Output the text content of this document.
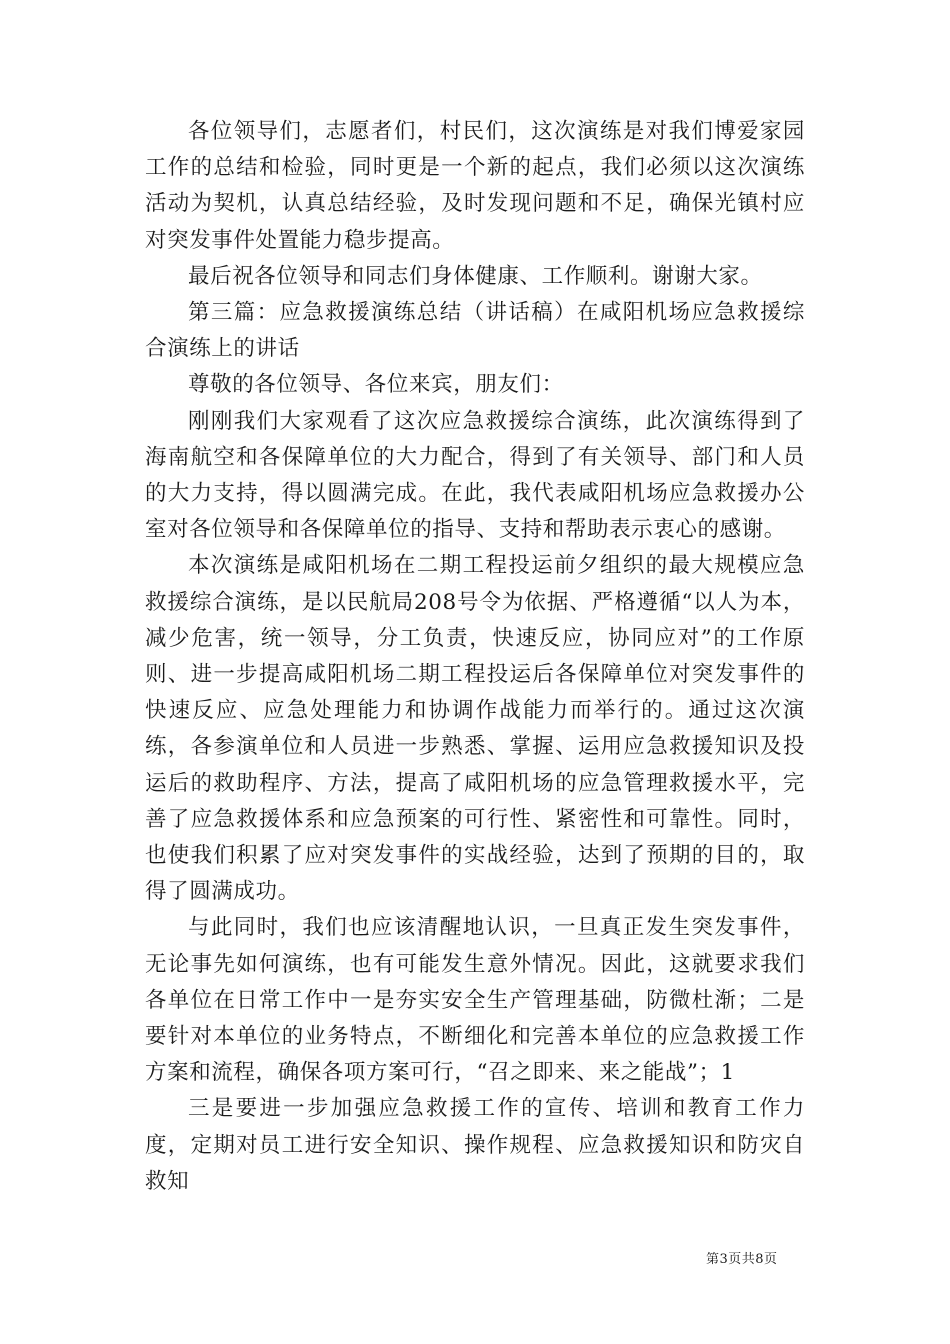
各位领导们，志愿者们，村民们，这次演练是对我们博爱家园工作的总结和检验，同时更是一个新的起点，我们必须以这次演练活动为契机，认真总结经验，及时发现问题和不足，确保光镇村应对突发事件处置能力稳步提高。

最后祝各位领导和同志们身体健康、工作顺利。谢谢大家。

第三篇：应急救援演练总结（讲话稿）在咸阳机场应急救援综合演练上的讲话

尊敬的各位领导、各位来宾，朋友们：

刚刚我们大家观看了这次应急救援综合演练，此次演练得到了海南航空和各保障单位的大力配合，得到了有关领导、部门和人员的大力支持，得以圆满完成。在此，我代表咸阳机场应急救援办公室对各位领导和各保障单位的指导、支持和帮助表示衷心的感谢。

本次演练是咸阳机场在二期工程投运前夕组织的最大规模应急救援综合演练，是以民航局208号令为依据、严格遵循“以人为本，减少危害，统一领导，分工负责，快速反应，协同应对”的工作原则、进一步提高咸阳机场二期工程投运后各保障单位对突发事件的快速反应、应急处理能力和协调作战能力而举行的。通过这次演练，各参演单位和人员进一步熟悉、掌握、运用应急救援知识及投运后的救助程序、方法，提高了咸阳机场的应急管理救援水平，完善了应急救援体系和应急预案的可行性、紧密性和可靠性。同时，也使我们积累了应对突发事件的实战经验，达到了预期的目的，取得了圆满成功。

与此同时，我们也应该清醒地认识，一旦真正发生突发事件，无论事先如何演练，也有可能发生意外情况。因此，这就要求我们各单位在日常工作中一是夯实安全生产管理基础，防微杜渐；二是要针对本单位的业务特点，不断细化和完善本单位的应急救援工作方案和流程，确保各项方案可行，“召之即来、来之能战”；1

三是要进一步加强应急救援工作的宣传、培训和教育工作力度，定期对员工进行安全知识、操作规程、应急救援知识和防灾自救知

第3页共8页
